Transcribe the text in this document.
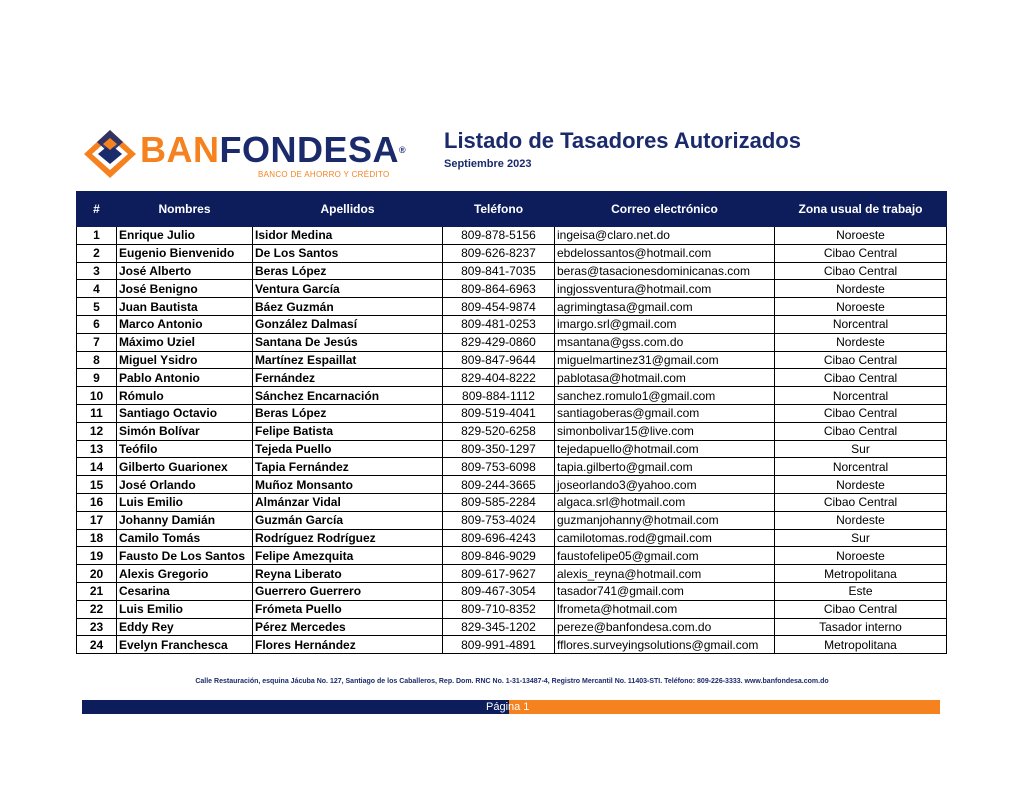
BANFONDESA®
BANCO DE AHORRO Y CRÉDITO
Listado de Tasadores Autorizados
Septiembre 2023
#	Nombres	Apellidos	Teléfono	Correo electrónico	Zona usual de trabajo
1	Enrique Julio	Isidor Medina	809-878-5156	ingeisa@claro.net.do	Noroeste
2	Eugenio Bienvenido	De Los Santos	809-626-8237	ebdelossantos@hotmail.com	Cibao Central
3	José Alberto	Beras López	809-841-7035	beras@tasacionesdominicanas.com	Cibao Central
4	José Benigno	Ventura García	809-864-6963	ingjossventura@hotmail.com	Nordeste
5	Juan Bautista	Báez Guzmán	809-454-9874	agrimingtasa@gmail.com	Noroeste
6	Marco Antonio	González Dalmasí	809-481-0253	imargo.srl@gmail.com	Norcentral
7	Máximo Uziel	Santana De Jesús	829-429-0860	msantana@gss.com.do	Nordeste
8	Miguel Ysidro	Martínez Espaillat	809-847-9644	miguelmartinez31@gmail.com	Cibao Central
9	Pablo Antonio	Fernández	829-404-8222	pablotasa@hotmail.com	Cibao Central
10	Rómulo	Sánchez Encarnación	809-884-1112	sanchez.romulo1@gmail.com	Norcentral
11	Santiago Octavio	Beras López	809-519-4041	santiagoberas@gmail.com	Cibao Central
12	Simón Bolívar	Felipe Batista	829-520-6258	simonbolivar15@live.com	Cibao Central
13	Teófilo	Tejeda Puello	809-350-1297	tejedapuello@hotmail.com	Sur
14	Gilberto Guarionex	Tapia Fernández	809-753-6098	tapia.gilberto@gmail.com	Norcentral
15	José Orlando	Muñoz Monsanto	809-244-3665	joseorlando3@yahoo.com	Nordeste
16	Luis Emilio	Almánzar Vidal	809-585-2284	algaca.srl@hotmail.com	Cibao Central
17	Johanny Damián	Guzmán García	809-753-4024	guzmanjohanny@hotmail.com	Nordeste
18	Camilo Tomás	Rodríguez Rodríguez	809-696-4243	camilotomas.rod@gmail.com	Sur
19	Fausto De Los Santos	Felipe Amezquita	809-846-9029	faustofelipe05@gmail.com	Noroeste
20	Alexis Gregorio	Reyna Liberato	809-617-9627	alexis_reyna@hotmail.com	Metropolitana
21	Cesarina	Guerrero Guerrero	809-467-3054	tasador741@gmail.com	Este
22	Luis Emilio	Frómeta Puello	809-710-8352	lfrometa@hotmail.com	Cibao Central
23	Eddy Rey	Pérez Mercedes	829-345-1202	pereze@banfondesa.com.do	Tasador interno
24	Evelyn Franchesca	Flores Hernández	809-991-4891	fflores.surveyingsolutions@gmail.com	Metropolitana
Calle Restauración, esquina Jácuba No. 127, Santiago de los Caballeros, Rep. Dom. RNC No. 1-31-13487-4, Registro Mercantil No. 11403-STI. Teléfono: 809-226-3333. www.banfondesa.com.do
Página 1
